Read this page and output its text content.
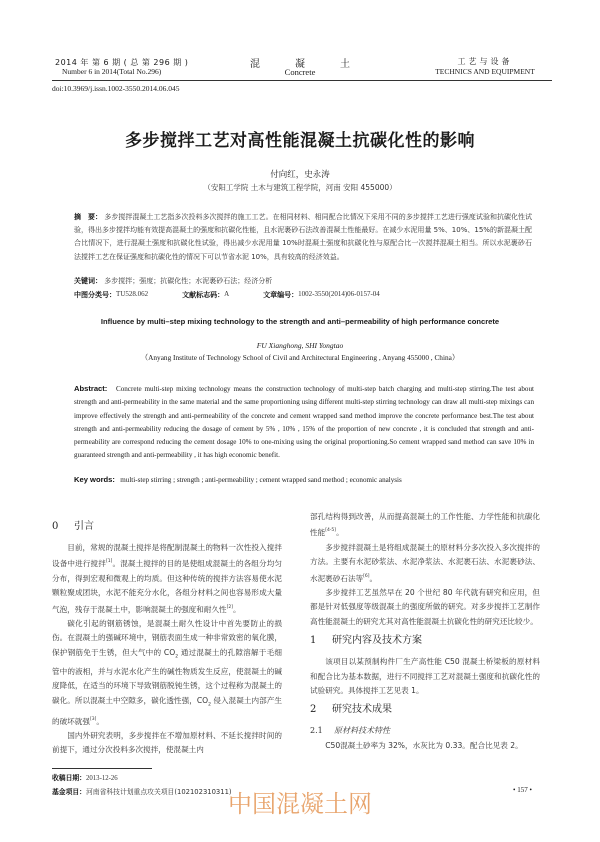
2014 年 第 6 期 ( 总 第 296 期 )
Number 6 in 2014(Total No.296)
混	凝	土
Concrete
工艺与设备
TECHNICS AND EQUIPMENT
doi:10.3969/j.issn.1002-3550.2014.06.045
多步搅拌工艺对高性能混凝土抗碳化性的影响
付向红，史永涛
（安阳工学院 土木与建筑工程学院，河南 安阳 455000）
摘　要： 多步搅拌混凝土工艺指多次投料多次搅拌的施工工艺。在相同材料、相同配合比情况下采用不同的多步搅拌工艺进行强度试验和抗碳化性试验，得出多步搅拌均能有效提高混凝土的强度和抗碳化性能，且水泥裹砂石法改善混凝土性能最好。在减少水泥用量 5%、10%、15%的新混凝土配合比情况下，进行混凝土强度和抗碳化性试验，得出减少水泥用量 10%时混凝土强度和抗碳化性与原配合比一次搅拌混凝土相当。所以水泥裹砂石法搅拌工艺在保证强度和抗碳化性的情况下可以节省水泥 10%，具有较高的经济效益。
关键词： 多步搅拌；强度；抗碳化性；水泥裹砂石法；经济分析
中图分类号： TU528.062	文献标志码： A	文章编号： 1002-3550(2014)06-0157-04
Influence by multi–step mixing technology to the strength and anti–permeability of high performance concrete
FU Xianghong, SHI Yongtao
（Anyang Institute of Technology School of Civil and Architectural Engineering , Anyang 455000 , China）
Abstract: Concrete multi-step mixing technology means the construction technology of multi-step batch charging and multi-step stirring.The test about strength and anti-permeability in the same material and the same proportioning using different multi-step stirring technology can draw all multi-step mixings can improve effectively the strength and anti-permeability of the concrete and cement wrapped sand method improve the concrete performance best.The test about strength and anti-permeability reducing the dosage of cement by 5% , 10% , 15% of the proportion of new concrete , it is concluded that strength and anti-permeability are correspond reducing the cement dosage 10% to one-mixing using the original proportioning.So cement wrapped sand method can save 10% in guaranteed strength and anti-permeability , it has high economic benefit.
Key words: multi-step stirring ; strength ; anti-permeability ; cement wrapped sand method ; economic analysis
0 引言

目前，常规的混凝土搅拌是将配制混凝土的物料一次性投入搅拌设备中进行搅拌[1]。混凝土搅拌的目的是使组成混凝土的各组分均匀分布，得到宏观和微观上的均质。但这种传统的搅拌方法容易使水泥颗粒聚成团块，水泥不能充分水化，各组分材料之间也容易形成大量气泡，残存于混凝土中，影响混凝土的强度和耐久性[2]。

碳化引起的钢筋锈蚀，是混凝土耐久性设计中首先要防止的损伤。在混凝土的强碱环境中，钢筋表面生成一种非常致密的氧化膜，保护钢筋免于生锈，但大气中的 $CO_2$ 通过混凝土的孔隙溶解于毛细管中的液相，并与水泥水化产生的碱性物质发生反应，使混凝土的碱度降低，在适当的环境下导致钢筋脱钝生锈，这个过程称为混凝土的碳化。所以混凝土中空隙多，碳化透性强，$CO_2$ 侵入混凝土内部产生的破坏就强[3]。

国内外研究表明，多步搅拌在不增加原材料、不延长搅拌时间的前提下，通过分次投料多次搅拌，使混凝土内

部孔结构得到改善，从而提高混凝土的工作性能、力学性能和抗碳化性能[4-5]。

多步搅拌混凝土是将组成混凝土的原材料分多次投入多次搅拌的方法。主要有水泥砂浆法、水泥净浆法、水泥裹石法、水泥裹砂法、水泥裹砂石法等[6]。

多步搅拌工艺虽然早在 20 个世纪 80 年代就有研究和应用，但都是针对低强度等级混凝土的强度所做的研究。对多步搅拌工艺制作高性能混凝土的研究尤其对高性能混凝土抗碳化性的研究还比较少。

1 研究内容及技术方案

该项目以某预制构件厂生产高性能 C50 混凝土桥梁板的原材料和配合比为基本数据，进行不同搅拌工艺对混凝土强度和抗碳化性的试验研究。具体搅拌工艺见表 1。

2 研究技术成果
2.1 原材料技术特性

C50混凝土砂率为 32%，水灰比为 0.33。配合比见表 2。

收稿日期：2013-12-26
基金项目：河南省科技计划重点攻关项目(102102310311)
中国混凝土网	• 157 •
